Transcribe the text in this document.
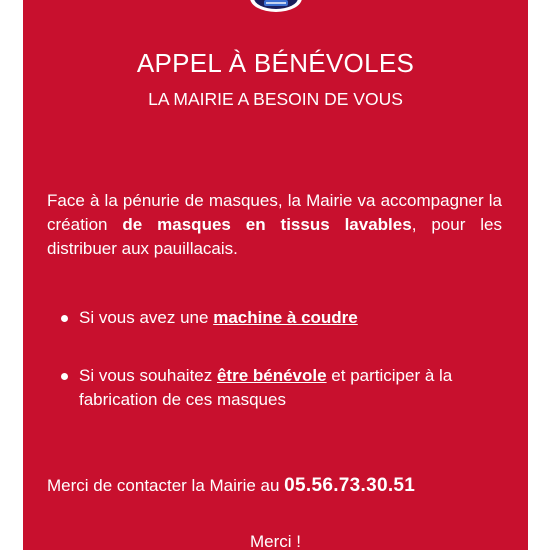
APPEL À BÉNÉVOLES
LA MAIRIE A BESOIN DE VOUS

Face à la pénurie de masques, la Mairie va accompagner la création de masques en tissus lavables, pour les distribuer aux pauillacais.

Si vous avez une machine à coudre
Si vous souhaitez être bénévole et participer à la fabrication de ces masques
Merci de contacter la Mairie au 05.56.73.30.51
Merci !
